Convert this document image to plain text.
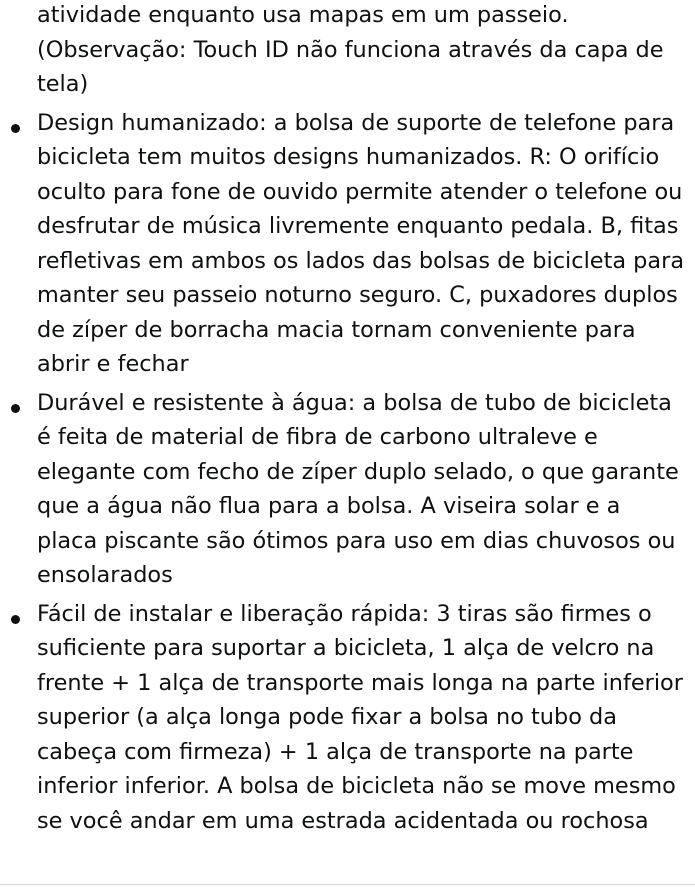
atividade enquanto usa mapas em um passeio. (Observação: Touch ID não funciona através da capa de tela)

Design humanizado: a bolsa de suporte de telefone para bicicleta tem muitos designs humanizados. R: O orifício oculto para fone de ouvido permite atender o telefone ou desfrutar de música livremente enquanto pedala. B, fitas refletivas em ambos os lados das bolsas de bicicleta para manter seu passeio noturno seguro. C, puxadores duplos de zíper de borracha macia tornam conveniente para abrir e fechar
Durável e resistente à água: a bolsa de tubo de bicicleta é feita de material de fibra de carbono ultraleve e elegante com fecho de zíper duplo selado, o que garante que a água não flua para a bolsa. A viseira solar e a placa piscante são ótimos para uso em dias chuvosos ou ensolarados
Fácil de instalar e liberação rápida: 3 tiras são firmes o suficiente para suportar a bicicleta, 1 alça de velcro na frente + 1 alça de transporte mais longa na parte inferior superior (a alça longa pode fixar a bolsa no tubo da cabeça com firmeza) + 1 alça de transporte na parte inferior inferior. A bolsa de bicicleta não se move mesmo se você andar em uma estrada acidentada ou rochosa
